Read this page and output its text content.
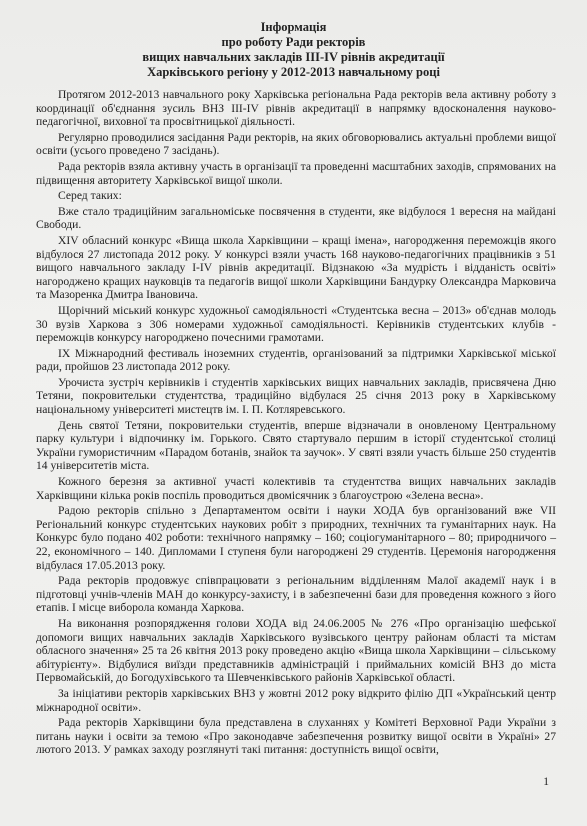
Інформація
про роботу Ради ректорів
вищих навчальних закладів ІІІ-ІV рівнів акредитації
Харківського регіону у 2012-2013 навчальному році

Протягом 2012-2013 навчального року Харківська регіональна Рада ректорів вела активну роботу з координації об'єднання зусиль ВНЗ ІІІ-ІV рівнів акредитації в напрямку вдосконалення науково-педагогічної, виховної та просвітницької діяльності.

Регулярно проводилися засідання Ради ректорів, на яких обговорювались актуальні проблеми вищої освіти (усього проведено 7 засідань).

Рада ректорів взяла активну участь в організації та проведенні масштабних заходів, спрямованих на підвищення авторитету Харківської вищої школи.

Серед таких:

Вже стало традиційним загальноміське посвячення в студенти, яке відбулося 1 вересня на майдані Свободи.

ХІV обласний конкурс «Вища школа Харківщини – кращі імена», нагородження переможців якого відбулося 27 листопада 2012 року. У конкурсі взяли участь 168 науково-педагогічних працівників з 51 вищого навчального закладу І-ІV рівнів акредитації. Відзнакою «За мудрість і відданість освіті» нагороджено кращих науковців та педагогів вищої школи Харківщини Бандурку Олександра Марковича та Мазоренка Дмитра Івановича.

Щорічний міський конкурс художньої самодіяльності «Студентська весна – 2013» об'єднав молодь 30 вузів Харкова з 306 номерами художньої самодіяльності. Керівників студентських клубів - переможців конкурсу нагороджено почесними грамотами.

ІХ Міжнародний фестиваль іноземних студентів, організований за підтримки Харківської міської ради, пройшов 23 листопада 2012 року.

Урочиста зустріч керівників і студентів харківських вищих навчальних закладів, присвячена Дню Тетяни, покровительки студентства, традиційно відбулася 25 січня 2013 року в Харківському національному університеті мистецтв ім. І. П. Котляревського.

День святої Тетяни, покровительки студентів, вперше відзначали в оновленому Центральному парку культури і відпочинку ім. Горького. Свято стартувало першим в історії студентської столиці України гумористичним «Парадом ботанів, знайок та заучок». У святі взяли участь більше 250 студентів 14 університетів міста.

Кожного березня за активної участі колективів та студентства вищих навчальних закладів Харківщини кілька років поспіль проводиться двомісячник з благоустрою «Зелена весна».

Радою ректорів спільно з Департаментом освіти і науки ХОДА був організований вже VІІ Регіональний конкурс студентських наукових робіт з природних, технічних та гуманітарних наук. На Конкурс було подано 402 роботи: технічного напрямку – 160; соціогуманітарного – 80; природничого – 22, економічного – 140. Дипломами І ступеня були нагороджені 29 студентів. Церемонія нагородження відбулася 17.05.2013 року.

Рада ректорів продовжує співпрацювати з регіональним відділенням Малої академії наук і в підготовці учнів-членів МАН до конкурсу-захисту, і в забезпеченні бази для проведення кожного з його етапів. І місце виборола команда Харкова.

На виконання розпорядження голови ХОДА від 24.06.2005 № 276 «Про організацію шефської допомоги вищих навчальних закладів Харківського вузівського центру районам області та містам обласного значення» 25 та 26 квітня 2013 року проведено акцію «Вища школа Харківщини – сільському абітурієнту». Відбулися виїзди представників адміністрацій і приймальних комісій ВНЗ до міста Первомайській, до Богодухівського та Шевченківського районів Харківської області.

За ініціативи ректорів харківських ВНЗ у жовтні 2012 року відкрито філію ДП «Український центр міжнародної освіти».

Рада ректорів Харківщини була представлена в слуханнях у Комітеті Верховної Ради України з питань науки і освіти за темою «Про законодавче забезпечення розвитку вищої освіти в Україні» 27 лютого 2013. У рамках заходу розглянуті такі питання: доступність вищої освіти,

1
